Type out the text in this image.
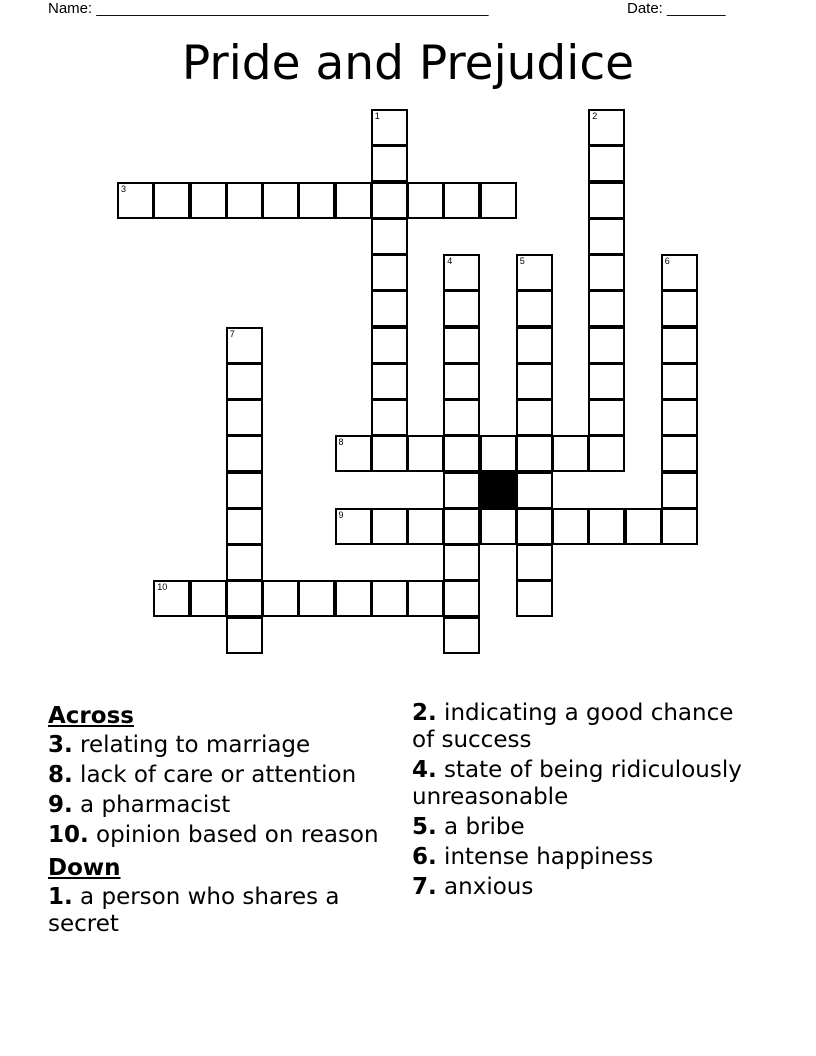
Name: _______________________________________________	Date: _______
Pride and Prejudice
1	2
3
4	5	6
7
8
9
10
Across
3. relating to marriage
8. lack of care or attention
9. a pharmacist
10. opinion based on reason
Down
1. a person who shares a secret
2. indicating a good chance of success
4. state of being ridiculously unreasonable
5. a bribe
6. intense happiness
7. anxious
